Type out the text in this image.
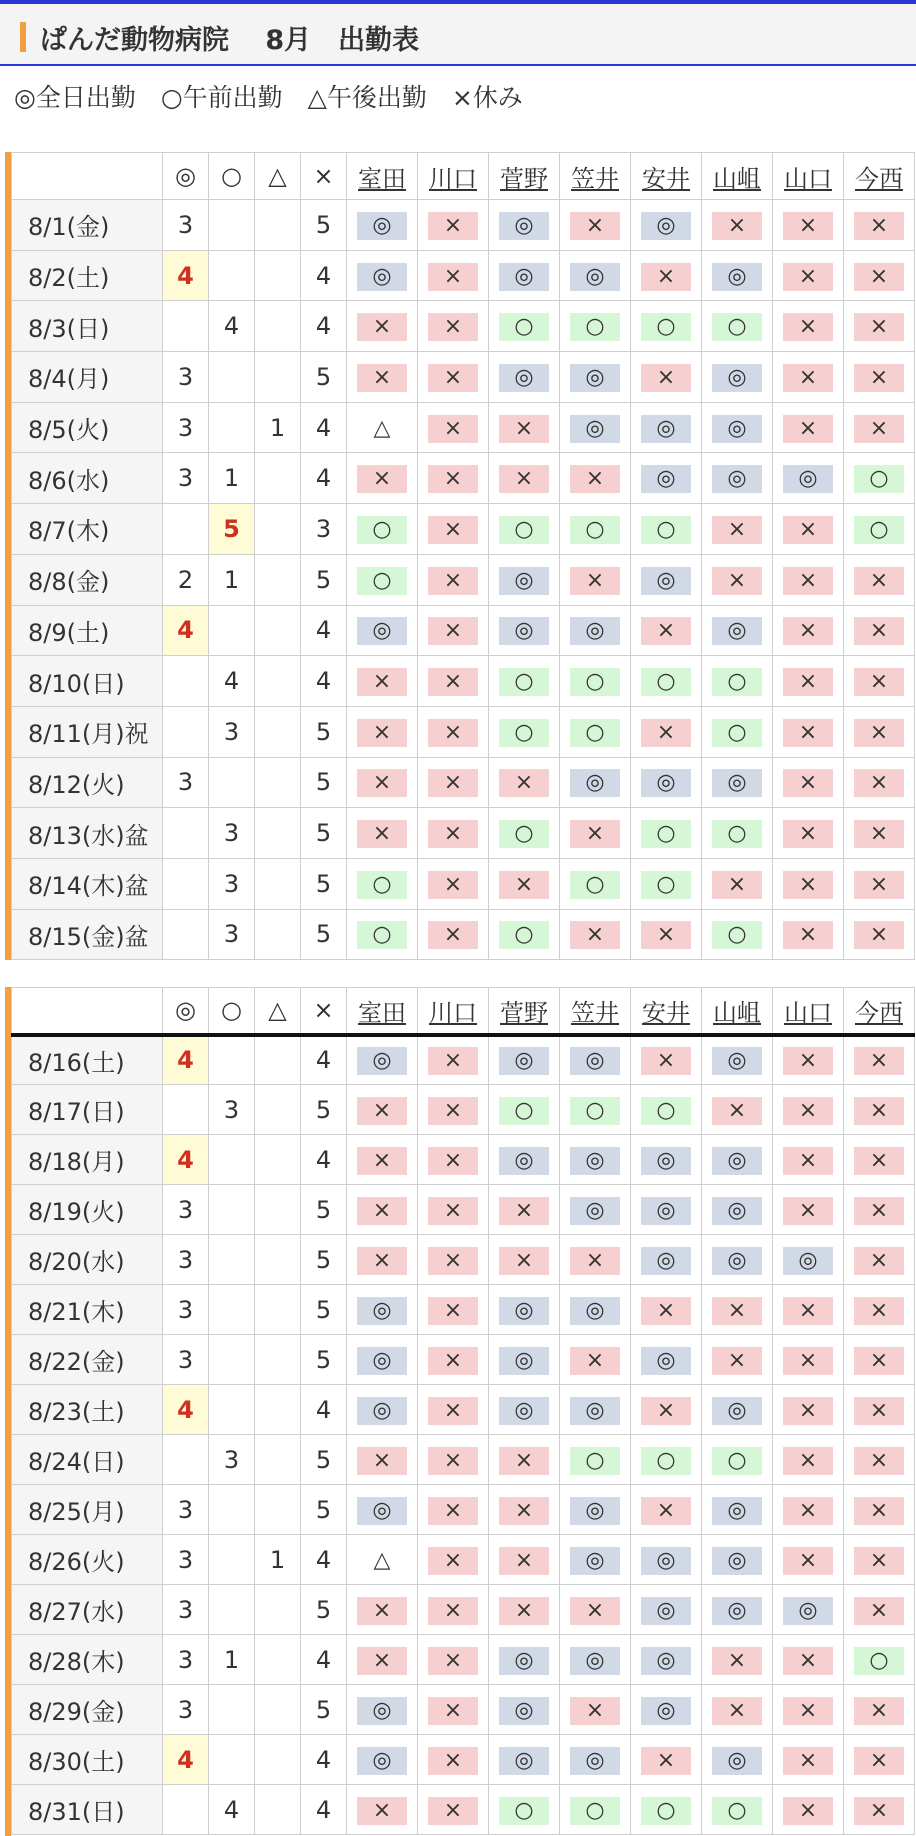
ぱんだ動物病院　 8月　出勤表
◎全日出勤　○午前出勤　△午後出勤　×休み
	◎	○	△	×	室田	川口	菅野	笠井	安井	山岨	山口	今西
8/1(金)	3			5	◎	×	◎	×	◎	×	×	×
8/2(土)	4			4	◎	×	◎	◎	×	◎	×	×
8/3(日)		4		4	×	×	○	○	○	○	×	×
8/4(月)	3			5	×	×	◎	◎	×	◎	×	×
8/5(火)	3		1	4	△	×	×	◎	◎	◎	×	×
8/6(水)	3	1		4	×	×	×	×	◎	◎	◎	○
8/7(木)		5		3	○	×	○	○	○	×	×	○
8/8(金)	2	1		5	○	×	◎	×	◎	×	×	×
8/9(土)	4			4	◎	×	◎	◎	×	◎	×	×
8/10(日)		4		4	×	×	○	○	○	○	×	×
8/11(月)祝		3		5	×	×	○	○	×	○	×	×
8/12(火)	3			5	×	×	×	◎	◎	◎	×	×
8/13(水)盆		3		5	×	×	○	×	○	○	×	×
8/14(木)盆		3		5	○	×	×	○	○	×	×	×
8/15(金)盆		3		5	○	×	○	×	×	○	×	×
	◎	○	△	×	室田	川口	菅野	笠井	安井	山岨	山口	今西
8/16(土)	4			4	◎	×	◎	◎	×	◎	×	×
8/17(日)		3		5	×	×	○	○	○	×	×	×
8/18(月)	4			4	×	×	◎	◎	◎	◎	×	×
8/19(火)	3			5	×	×	×	◎	◎	◎	×	×
8/20(水)	3			5	×	×	×	×	◎	◎	◎	×
8/21(木)	3			5	◎	×	◎	◎	×	×	×	×
8/22(金)	3			5	◎	×	◎	×	◎	×	×	×
8/23(土)	4			4	◎	×	◎	◎	×	◎	×	×
8/24(日)		3		5	×	×	×	○	○	○	×	×
8/25(月)	3			5	◎	×	×	◎	×	◎	×	×
8/26(火)	3		1	4	△	×	×	◎	◎	◎	×	×
8/27(水)	3			5	×	×	×	×	◎	◎	◎	×
8/28(木)	3	1		4	×	×	◎	◎	◎	×	×	○
8/29(金)	3			5	◎	×	◎	×	◎	×	×	×
8/30(土)	4			4	◎	×	◎	◎	×	◎	×	×
8/31(日)		4		4	×	×	○	○	○	○	×	×
